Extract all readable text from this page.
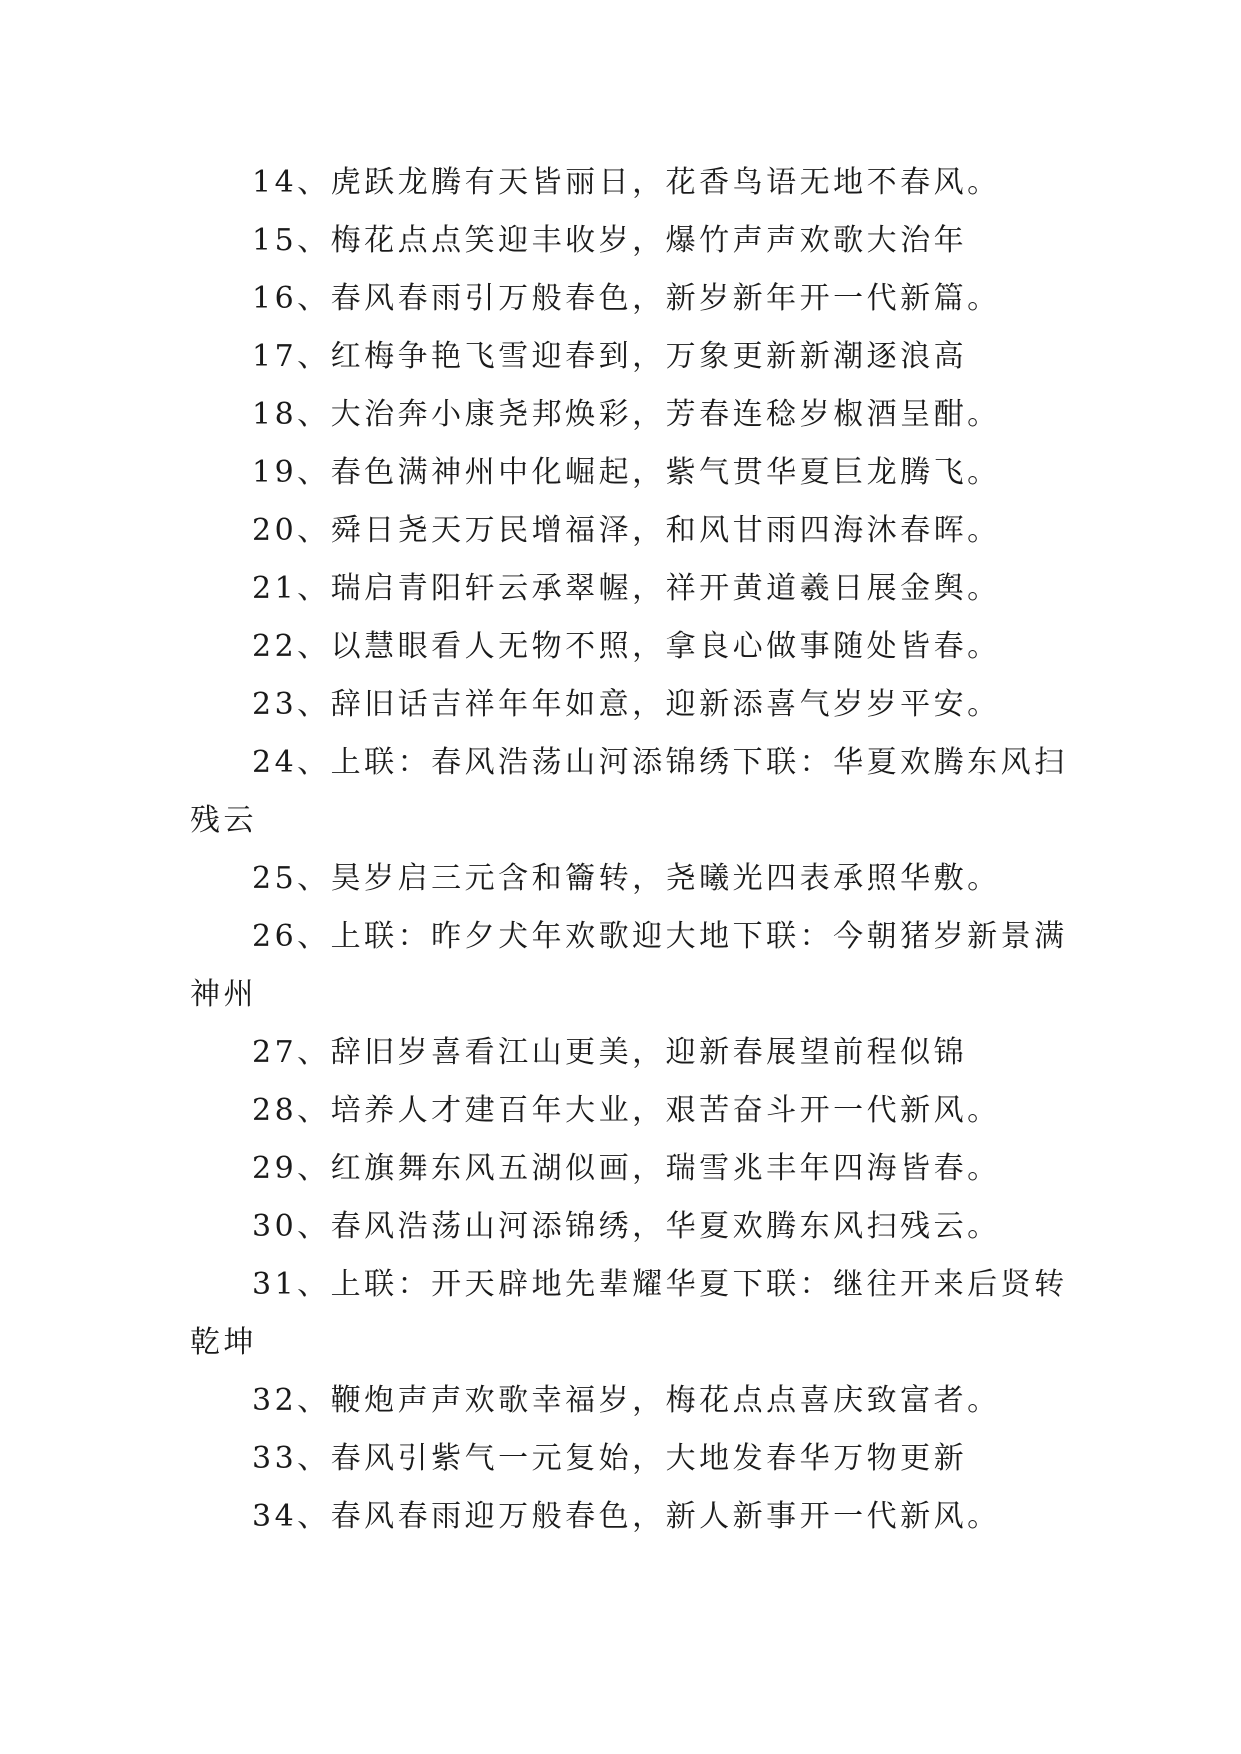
14、虎跃龙腾有天皆丽日，花香鸟语无地不春风。
15、梅花点点笑迎丰收岁，爆竹声声欢歌大治年
16、春风春雨引万般春色，新岁新年开一代新篇。
17、红梅争艳飞雪迎春到，万象更新新潮逐浪高
18、大治奔小康尧邦焕彩，芳春连稔岁椒酒呈酣。
19、春色满神州中化崛起，紫气贯华夏巨龙腾飞。
20、舜日尧天万民增福泽，和风甘雨四海沐春晖。
21、瑞启青阳轩云承翠幄，祥开黄道羲日展金舆。
22、以慧眼看人无物不照，拿良心做事随处皆春。
23、辞旧话吉祥年年如意，迎新添喜气岁岁平安。
24、上联：春风浩荡山河添锦绣下联：华夏欢腾东风扫
残云
25、昊岁启三元含和籥转，尧曦光四表承照华敷。
26、上联：昨夕犬年欢歌迎大地下联：今朝猪岁新景满
神州
27、辞旧岁喜看江山更美，迎新春展望前程似锦
28、培养人才建百年大业，艰苦奋斗开一代新风。
29、红旗舞东风五湖似画，瑞雪兆丰年四海皆春。
30、春风浩荡山河添锦绣，华夏欢腾东风扫残云。
31、上联：开天辟地先辈耀华夏下联：继往开来后贤转
乾坤
32、鞭炮声声欢歌幸福岁，梅花点点喜庆致富者。
33、春风引紫气一元复始，大地发春华万物更新
34、春风春雨迎万般春色，新人新事开一代新风。
